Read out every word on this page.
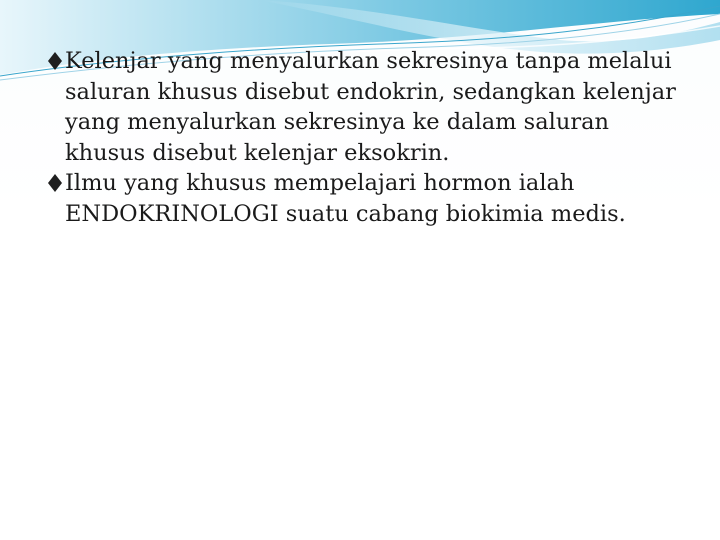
Kelenjar yang menyalurkan sekresinya tanpa melalui saluran khusus disebut endokrin, sedangkan kelenjar yang menyalurkan sekresinya ke dalam saluran khusus disebut kelenjar eksokrin.
Ilmu yang khusus mempelajari hormon ialah ENDOKRINOLOGI suatu cabang biokimia medis.
